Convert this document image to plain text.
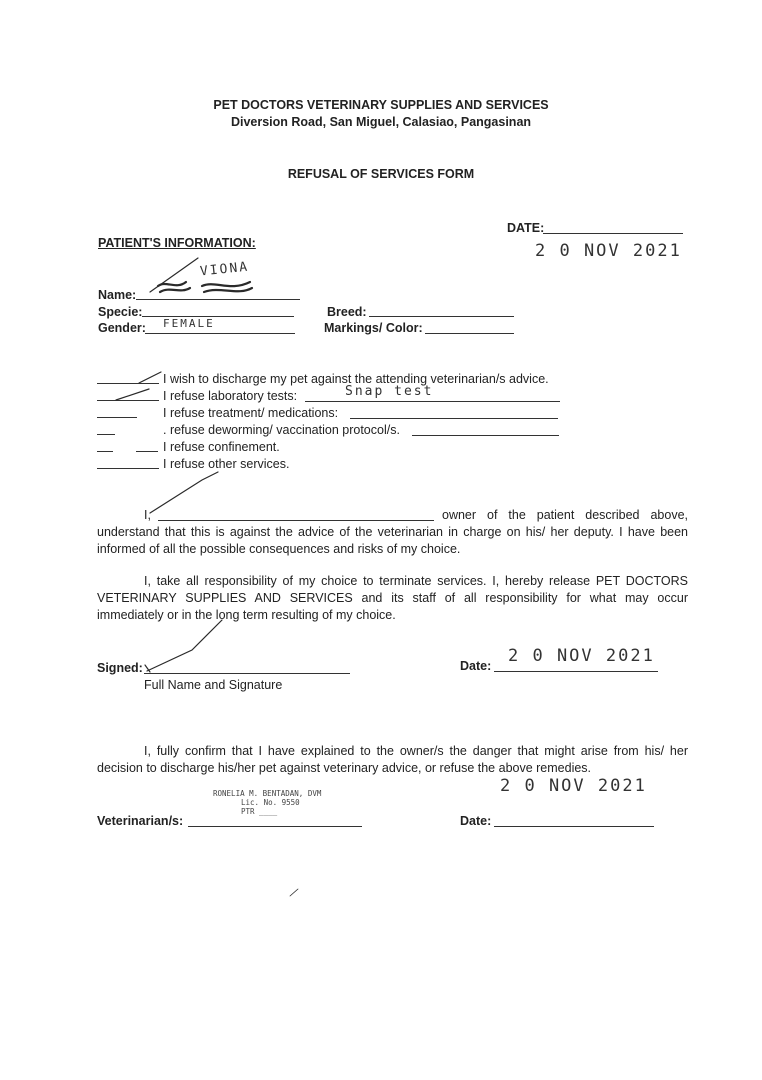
PET DOCTORS VETERINARY SUPPLIES AND SERVICES
Diversion Road, San Miguel, Calasiao, Pangasinan
REFUSAL OF SERVICES FORM
DATE:
2 0 NOV 2021
PATIENT'S INFORMATION:
Name:
VIONA
Specie:	Breed:
Gender: FEMALE	Markings/ Color:
I wish to discharge my pet against the attending veterinarian/s advice.
I refuse laboratory tests:	Snap test
I refuse treatment/ medications:
. refuse deworming/ vaccination protocol/s.
I refuse confinement.
I refuse other services.
I,	owner of the patient described above,
understand that this is against the advice of the veterinarian in charge on his/ her deputy. I have been informed of all the possible consequences and risks of my choice.
I, take all responsibility of my choice to terminate services. I, hereby release PET DOCTORS VETERINARY SUPPLIES AND SERVICES and its staff of all responsibility for what may occur immediately or in the long term resulting of my choice.
Signed:
Full Name and Signature
Date: 2 0 NOV 2021
I, fully confirm that I have explained to the owner/s the danger that might arise from his/ her decision to discharge his/her pet against veterinary advice, or refuse the above remedies.
RONELIA M. BENTADAN, DVM
Lic. No. 9550
PTR ____
Veterinarian/s:	Date:
2 0 NOV 2021
